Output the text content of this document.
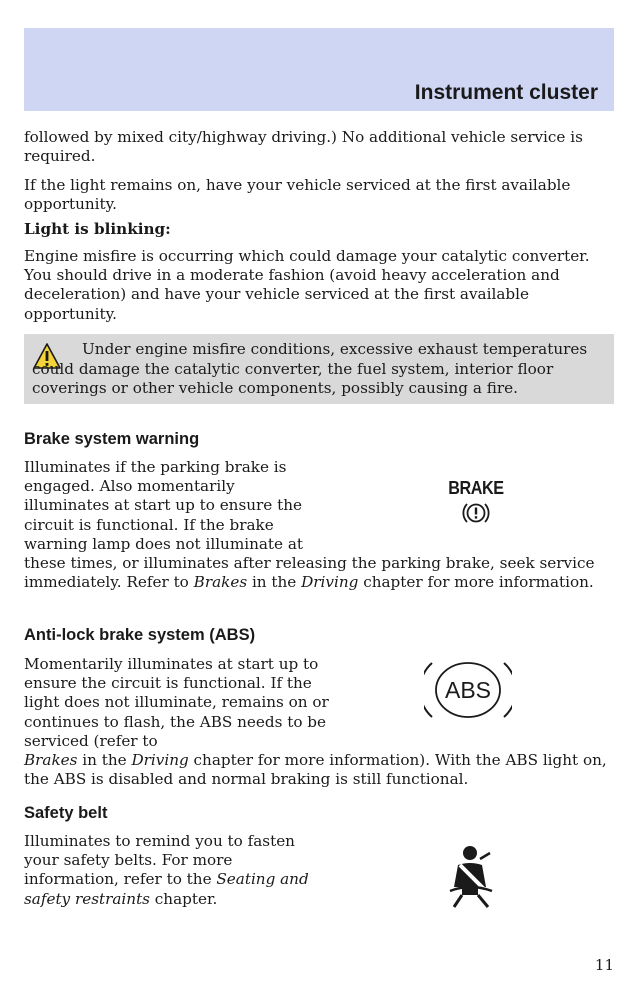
Instrument cluster

followed by mixed city/highway driving.) No additional vehicle service is required.

If the light remains on, have your vehicle serviced at the first available opportunity.

Light is blinking:

Engine misfire is occurring which could damage your catalytic converter. You should drive in a moderate fashion (avoid heavy acceleration and deceleration) and have your vehicle serviced at the first available opportunity.

Under engine misfire conditions, excessive exhaust temperatures could damage the catalytic converter, the fuel system, interior floor coverings or other vehicle components, possibly causing a fire.

Brake system warning

Illuminates if the parking brake is engaged. Also momentarily illuminates at start up to ensure the circuit is functional. If the brake warning lamp does not illuminate at

these times, or illuminates after releasing the parking brake, seek service immediately. Refer to Brakes in the Driving chapter for more information.

BRAKE
Anti-lock brake system (ABS)

Momentarily illuminates at start up to ensure the circuit is functional. If the light does not illuminate, remains on or continues to flash, the ABS needs to be serviced (refer to

Brakes in the Driving chapter for more information). With the ABS light on, the ABS is disabled and normal braking is still functional.

ABS
Safety belt

Illuminates to remind you to fasten your safety belts. For more information, refer to the Seating and safety restraints chapter.

11
